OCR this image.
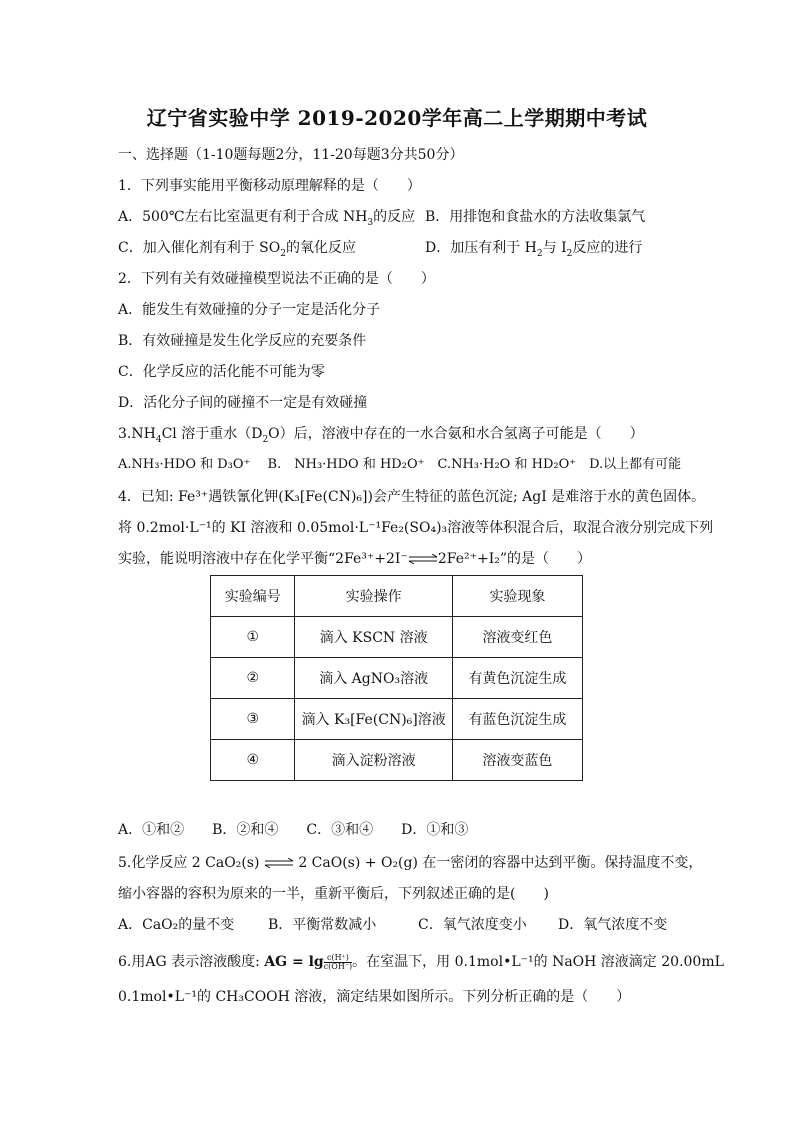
辽宁省实验中学 2019-2020学年高二上学期期中考试
一、选择题（1-10题每题2分，11-20每题3分共50分）
1．下列事实能用平衡移动原理解释的是（　　）
A．500℃左右比室温更有利于合成 $NH_3$的反应 B．用排饱和食盐水的方法收集氯气
C．加入催化剂有利于 $SO_2$的氧化反应	D．加压有利于 $H_2$与 $I_2$反应的进行
2．下列有关有效碰撞模型说法不正确的是（　　）
A．能发生有效碰撞的分子一定是活化分子
B．有效碰撞是发生化学反应的充要条件
C．化学反应的活化能不可能为零
D．活化分子间的碰撞不一定是有效碰撞
$3.NH_4Cl$ 溶于重水$(D_2O)$后，溶液中存在的一水合氨和水合氢离子可能是（　　）
A.NH₃·HDO 和 D₃O⁺　 B.　NH₃·HDO 和 HD₂O⁺　C.NH₃·H₂O 和 HD₂O⁺　D.以上都有可能
4．已知: Fe³⁺遇铁氰化钾(K₃[Fe(CN)₆])会产生特征的蓝色沉淀; AgI 是难溶于水的黄色固体。
将 0.2mol·L⁻¹的 KI 溶液和 0.05mol·L⁻¹Fe₂(SO₄)₃溶液等体积混合后，取混合液分别完成下列
实验，能说明溶液中存在化学平衡“2Fe³⁺+2I⁻⇌2Fe²⁺+I₂”的是（　　）
实验编号	实验操作	实验现象
①	滴入 KSCN 溶液	溶液变红色
②	滴入 AgNO₃溶液	有黄色沉淀生成
③	滴入 K₃[Fe(CN)₆]溶液	有蓝色沉淀生成
④	滴入淀粉溶液	溶液变蓝色
A．①和②　　B．②和④　　C．③和④　　D．①和③
5.化学反应 2 CaO₂(s) ⇌ 2 CaO(s) + O₂(g) 在一密闭的容器中达到平衡。保持温度不变，
缩小容器的容积为原来的一半，重新平衡后，下列叙述正确的是(　　)
A．CaO₂的量不变 B．平衡常数减小	C．氧气浓度变小 D．氧气浓度不变
6.用AG 表示溶液酸度: AG = $\lg \frac{c(H^+)}{c(OH^-)}$ 。在室温下，用 0.1mol•L⁻¹的 NaOH 溶液滴定 20.00mL
0.1mol•L⁻¹的 CH₃COOH 溶液，滴定结果如图所示。下列分析正确的是（　　）
